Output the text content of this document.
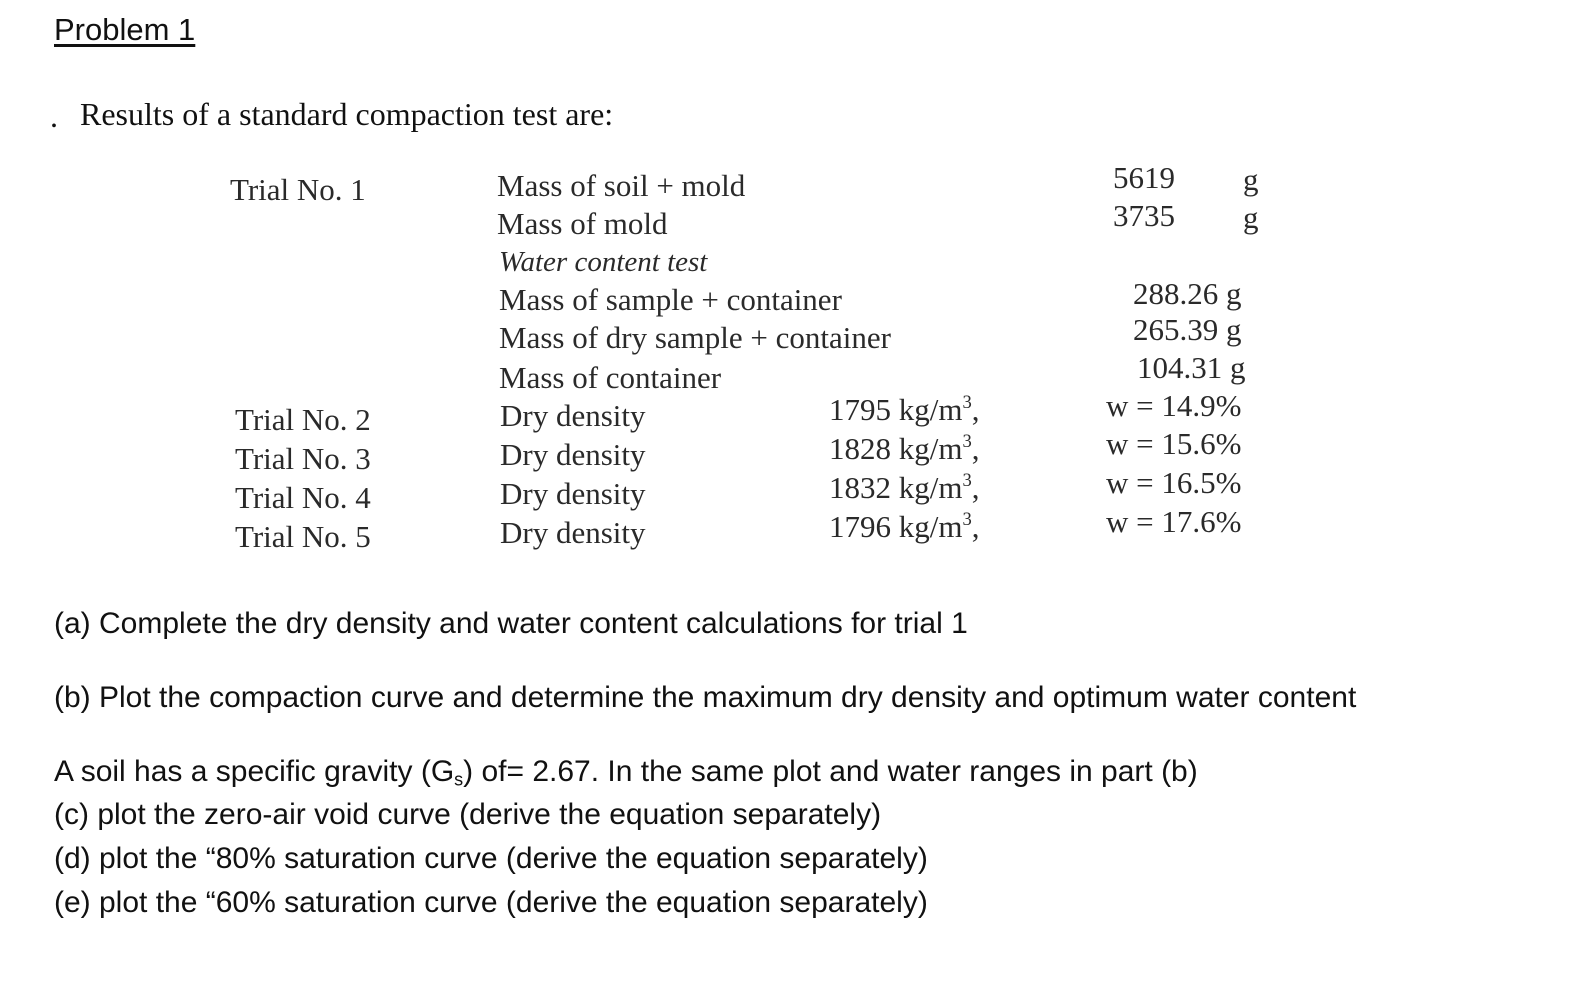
Problem 1
. Results of a standard compaction test are:
Trial No. 1	Mass of soil + mold	5619 g
Mass of mold	3735 g
Water content test
Mass of sample + container	288.26 g
Mass of dry sample + container	265.39 g
Mass of container	104.31 g
Trial No. 2	Dry density	1795 $kg/m^3$,	w = 14.9%
Trial No. 3	Dry density	1828 $kg/m^3$,	w = 15.6%
Trial No. 4	Dry density	1832 $kg/m^3$,	w = 16.5%
Trial No. 5	Dry density	1796 $kg/m^3$,	w = 17.6%
(a) Complete the dry density and water content calculations for trial 1
(b) Plot the compaction curve and determine the maximum dry density and optimum water content
A soil has a specific gravity $(G_s)$ of= 2.67. In the same plot and water ranges in part (b)
(c) plot the zero-air void curve (derive the equation separately)
(d) plot the “80% saturation curve (derive the equation separately)
(e) plot the “60% saturation curve (derive the equation separately)
